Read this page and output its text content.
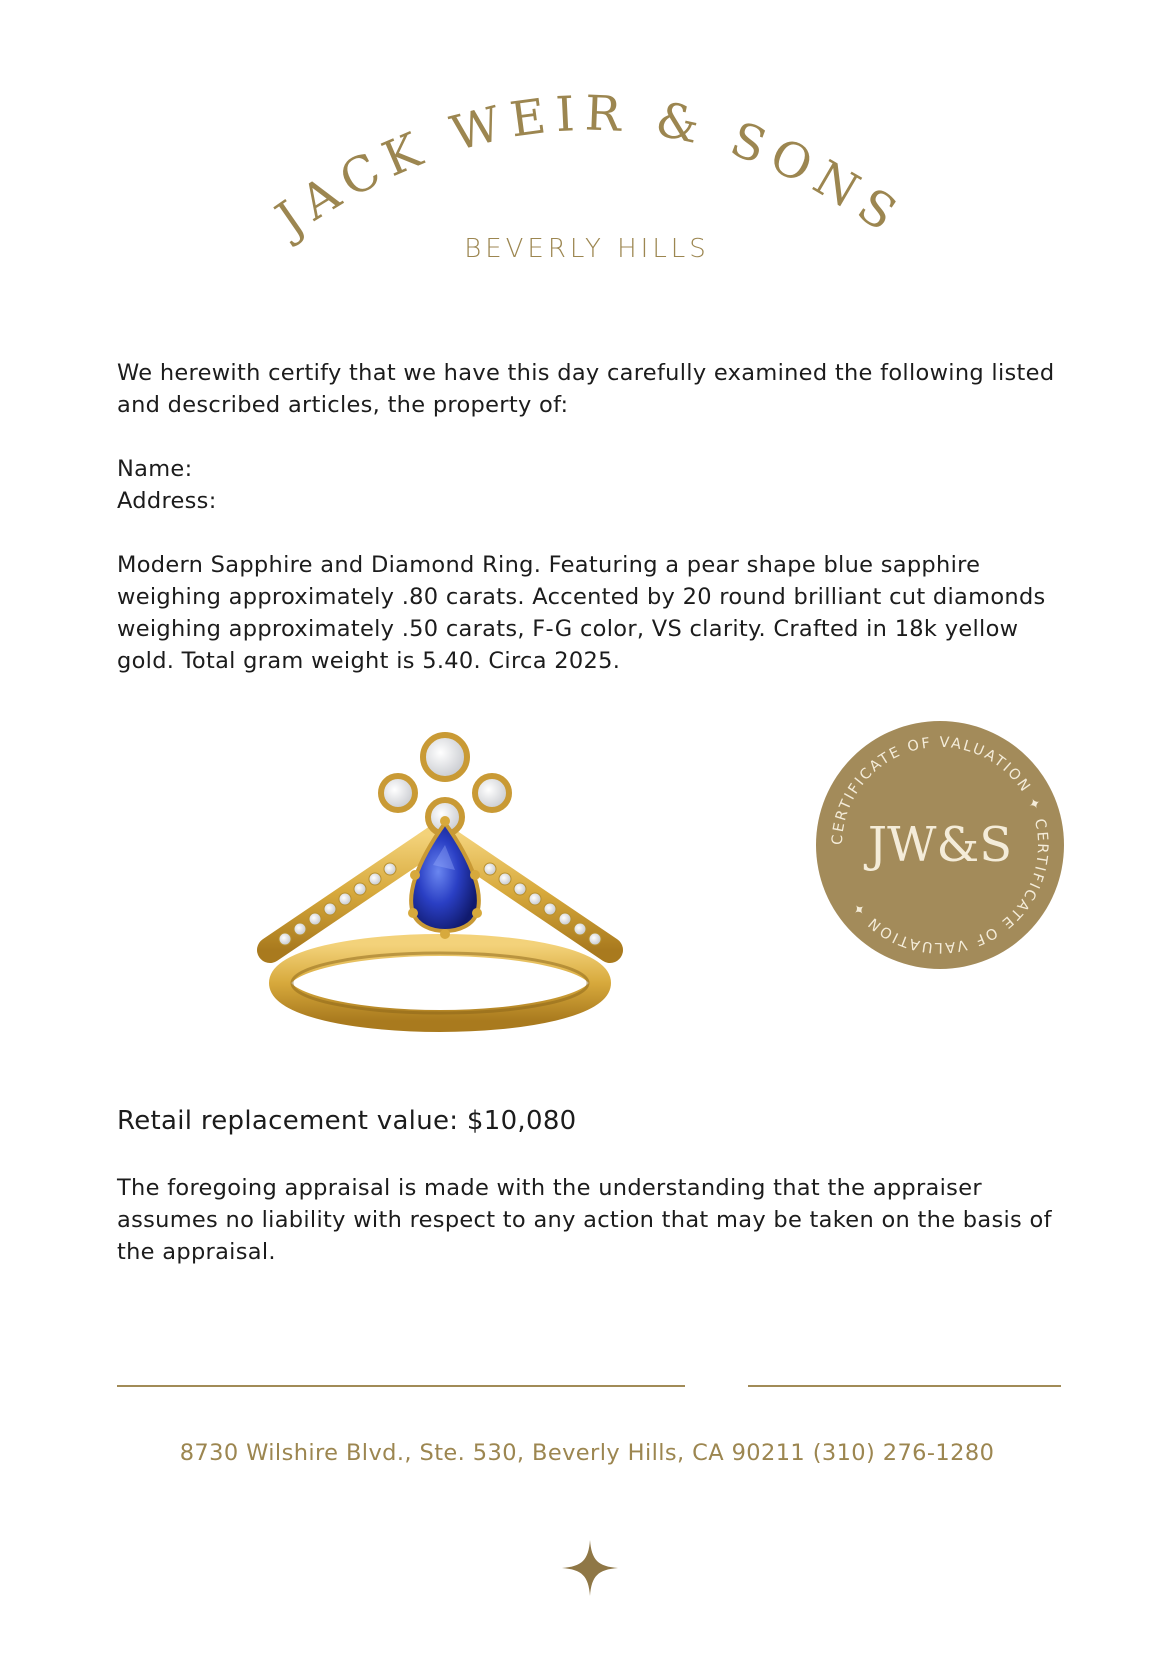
JACK WEIR & SONS
BEVERLY HILLS
We herewith certify that we have this day carefully examined the following listed and described articles, the property of:
Name:
Address:
Modern Sapphire and Diamond Ring. Featuring a pear shape blue sapphire weighing approximately .80 carats. Accented by 20 round brilliant cut diamonds weighing approximately .50 carats, F-G color, VS clarity. Crafted in 18k yellow gold. Total gram weight is 5.40. Circa 2025.
CERTIFICATE OF VALUATION ✦ CERTIFICATE OF VALUATION ✦
JW&S
Retail replacement value: $10,080
The foregoing appraisal is made with the understanding that the appraiser assumes no liability with respect to any action that may be taken on the basis of the appraisal.
8730 Wilshire Blvd., Ste. 530, Beverly Hills, CA 90211 (310) 276-1280
